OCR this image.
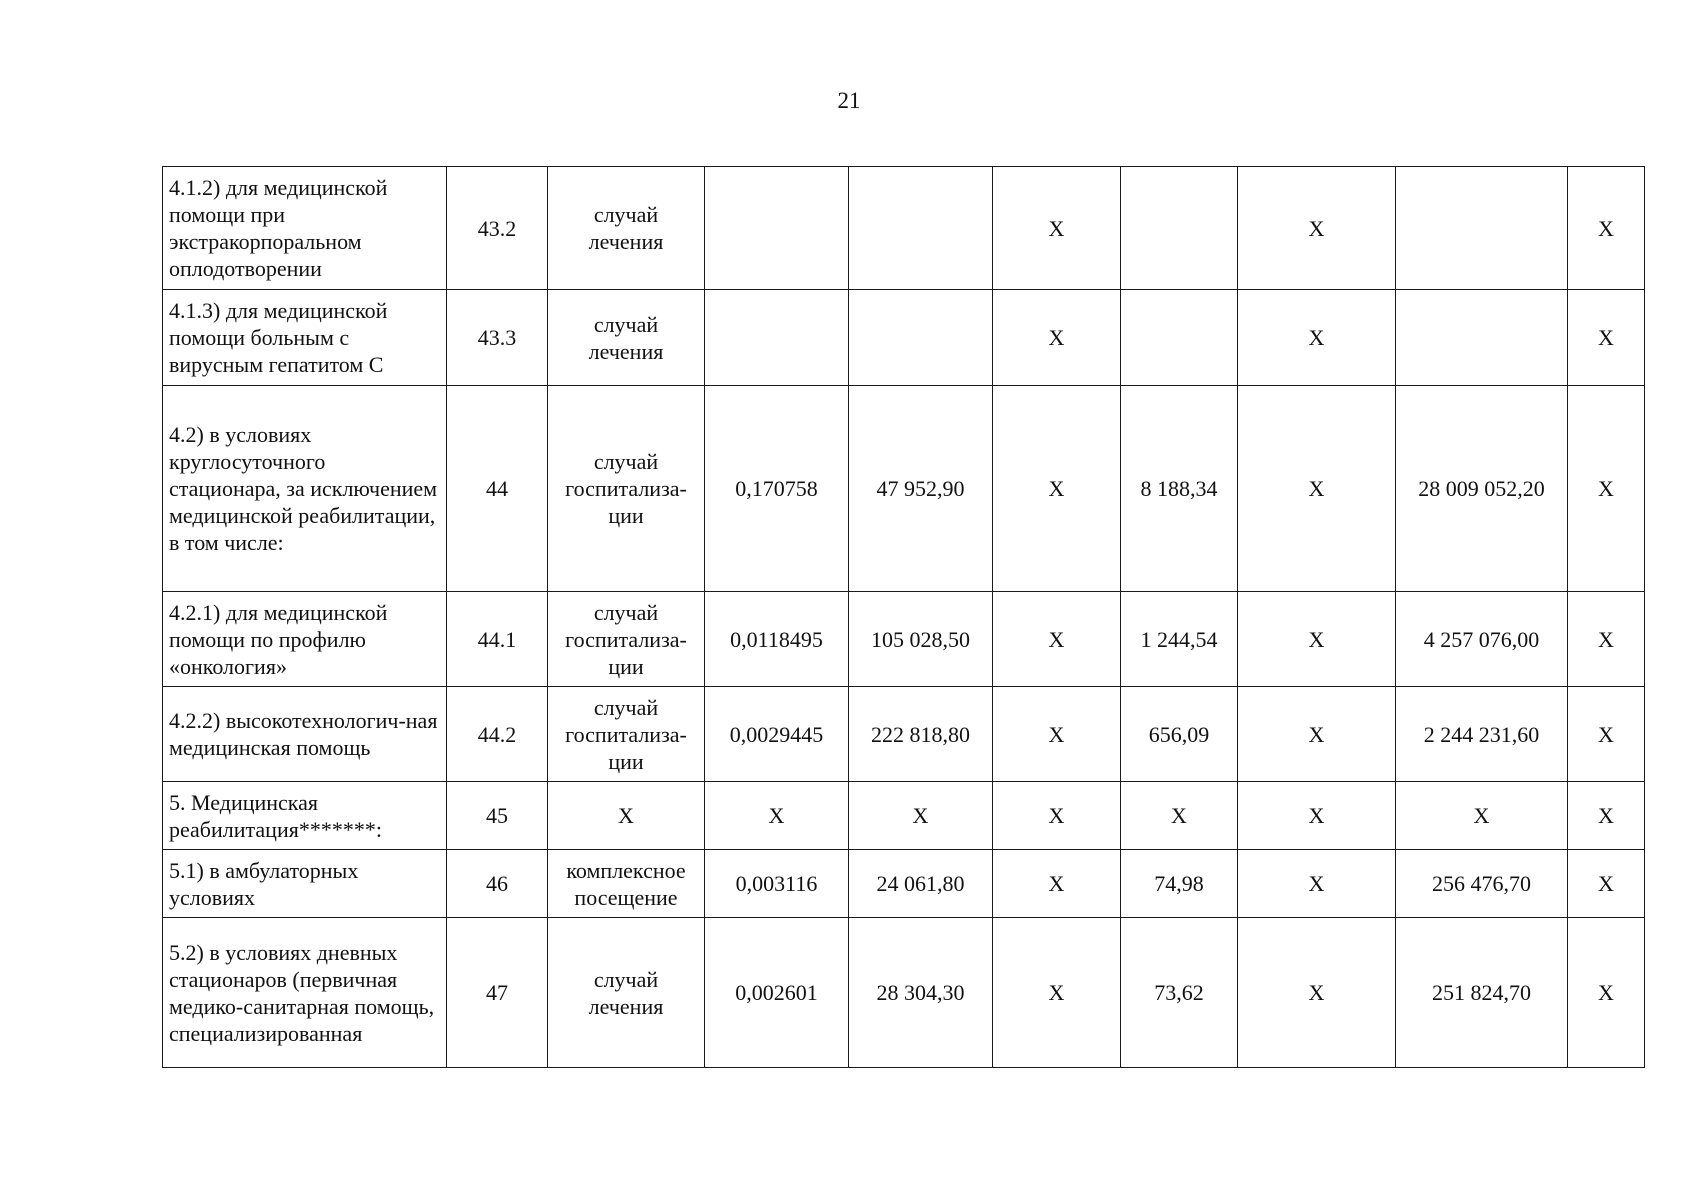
21
4.1.2) для медицинской помощи при экстракорпоральном оплодотворении	43.2	случай лечения			Х		Х		Х
4.1.3) для медицинской помощи больным с вирусным гепатитом С	43.3	случай лечения			Х		Х		Х
4.2) в условиях круглосуточного стационара, за исключением медицинской реабилитации, в том числе:	44	случай госпитализа-ции	0,170758	47 952,90	Х	8 188,34	Х	28 009 052,20	Х
4.2.1) для медицинской помощи по профилю «онкология»	44.1	случай госпитализа-ции	0,0118495	105 028,50	Х	1 244,54	Х	4 257 076,00	Х
4.2.2) высокотехнологич-ная медицинская помощь	44.2	случай госпитализа-ции	0,0029445	222 818,80	Х	656,09	Х	2 244 231,60	Х
5. Медицинская реабилитация*******:	45	Х	Х	Х	Х	Х	Х	Х	Х
5.1) в амбулаторных условиях	46	комплексное посещение	0,003116	24 061,80	Х	74,98	Х	256 476,70	Х
5.2) в условиях дневных стационаров (первичная медико-санитарная помощь, специализированная	47	случай лечения	0,002601	28 304,30	Х	73,62	Х	251 824,70	Х
